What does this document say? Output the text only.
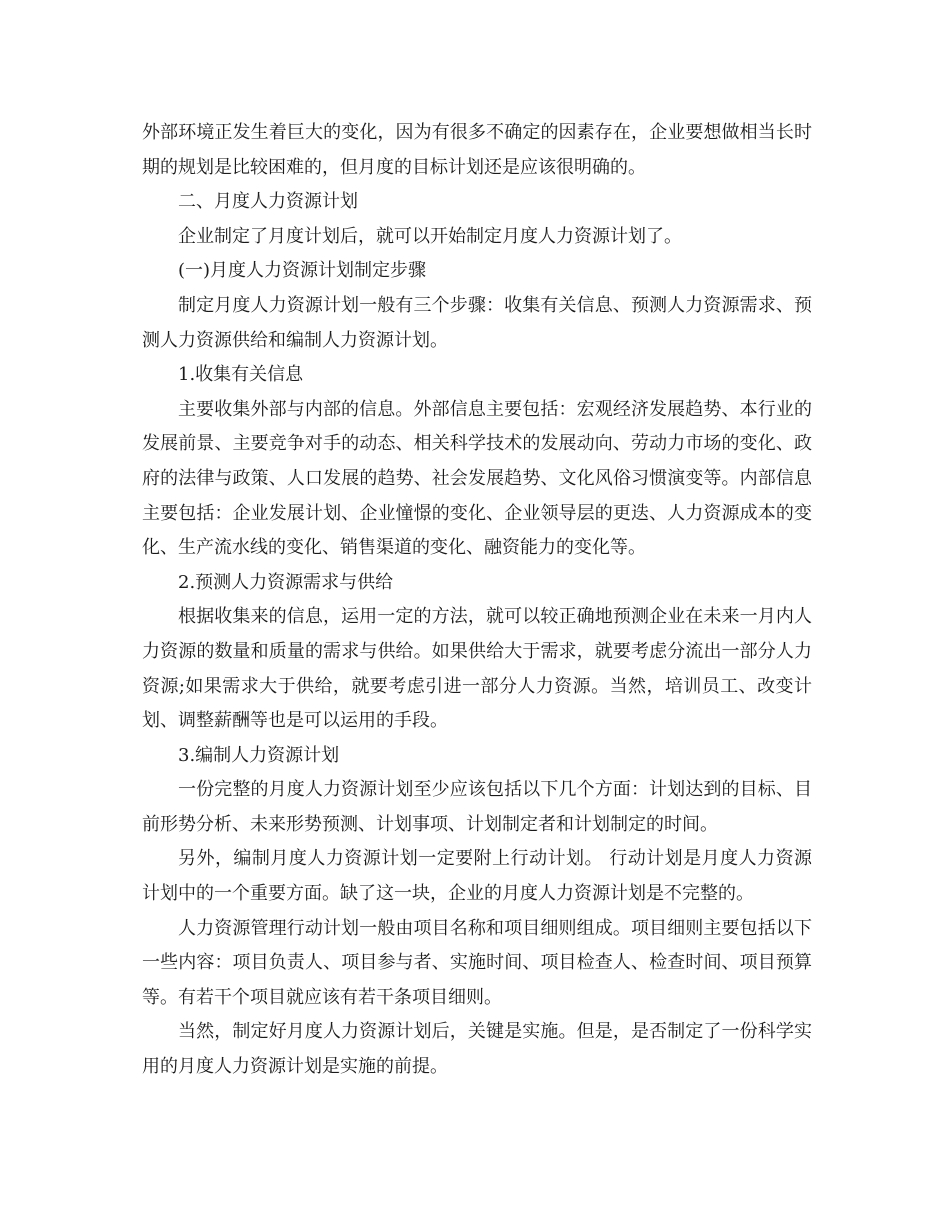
外部环境正发生着巨大的变化，因为有很多不确定的因素存在，企业要想做相当长时期的规划是比较困难的，但月度的目标计划还是应该很明确的。

二、月度人力资源计划

企业制定了月度计划后，就可以开始制定月度人力资源计划了。

(一)月度人力资源计划制定步骤

制定月度人力资源计划一般有三个步骤：收集有关信息、预测人力资源需求、预测人力资源供给和编制人力资源计划。

1.收集有关信息

主要收集外部与内部的信息。外部信息主要包括：宏观经济发展趋势、本行业的发展前景、主要竞争对手的动态、相关科学技术的发展动向、劳动力市场的变化、政府的法律与政策、人口发展的趋势、社会发展趋势、文化风俗习惯演变等。内部信息主要包括：企业发展计划、企业憧憬的变化、企业领导层的更迭、人力资源成本的变化、生产流水线的变化、销售渠道的变化、融资能力的变化等。

2.预测人力资源需求与供给

根据收集来的信息，运用一定的方法，就可以较正确地预测企业在未来一月内人力资源的数量和质量的需求与供给。如果供给大于需求，就要考虑分流出一部分人力资源;如果需求大于供给，就要考虑引进一部分人力资源。当然，培训员工、改变计划、调整薪酬等也是可以运用的手段。

3.编制人力资源计划

一份完整的月度人力资源计划至少应该包括以下几个方面：计划达到的目标、目前形势分析、未来形势预测、计划事项、计划制定者和计划制定的时间。

另外，编制月度人力资源计划一定要附上行动计划。 行动计划是月度人力资源计划中的一个重要方面。缺了这一块，企业的月度人力资源计划是不完整的。

人力资源管理行动计划一般由项目名称和项目细则组成。项目细则主要包括以下一些内容：项目负责人、项目参与者、实施时间、项目检查人、检查时间、项目预算等。有若干个项目就应该有若干条项目细则。

当然，制定好月度人力资源计划后，关键是实施。但是，是否制定了一份科学实用的月度人力资源计划是实施的前提。
